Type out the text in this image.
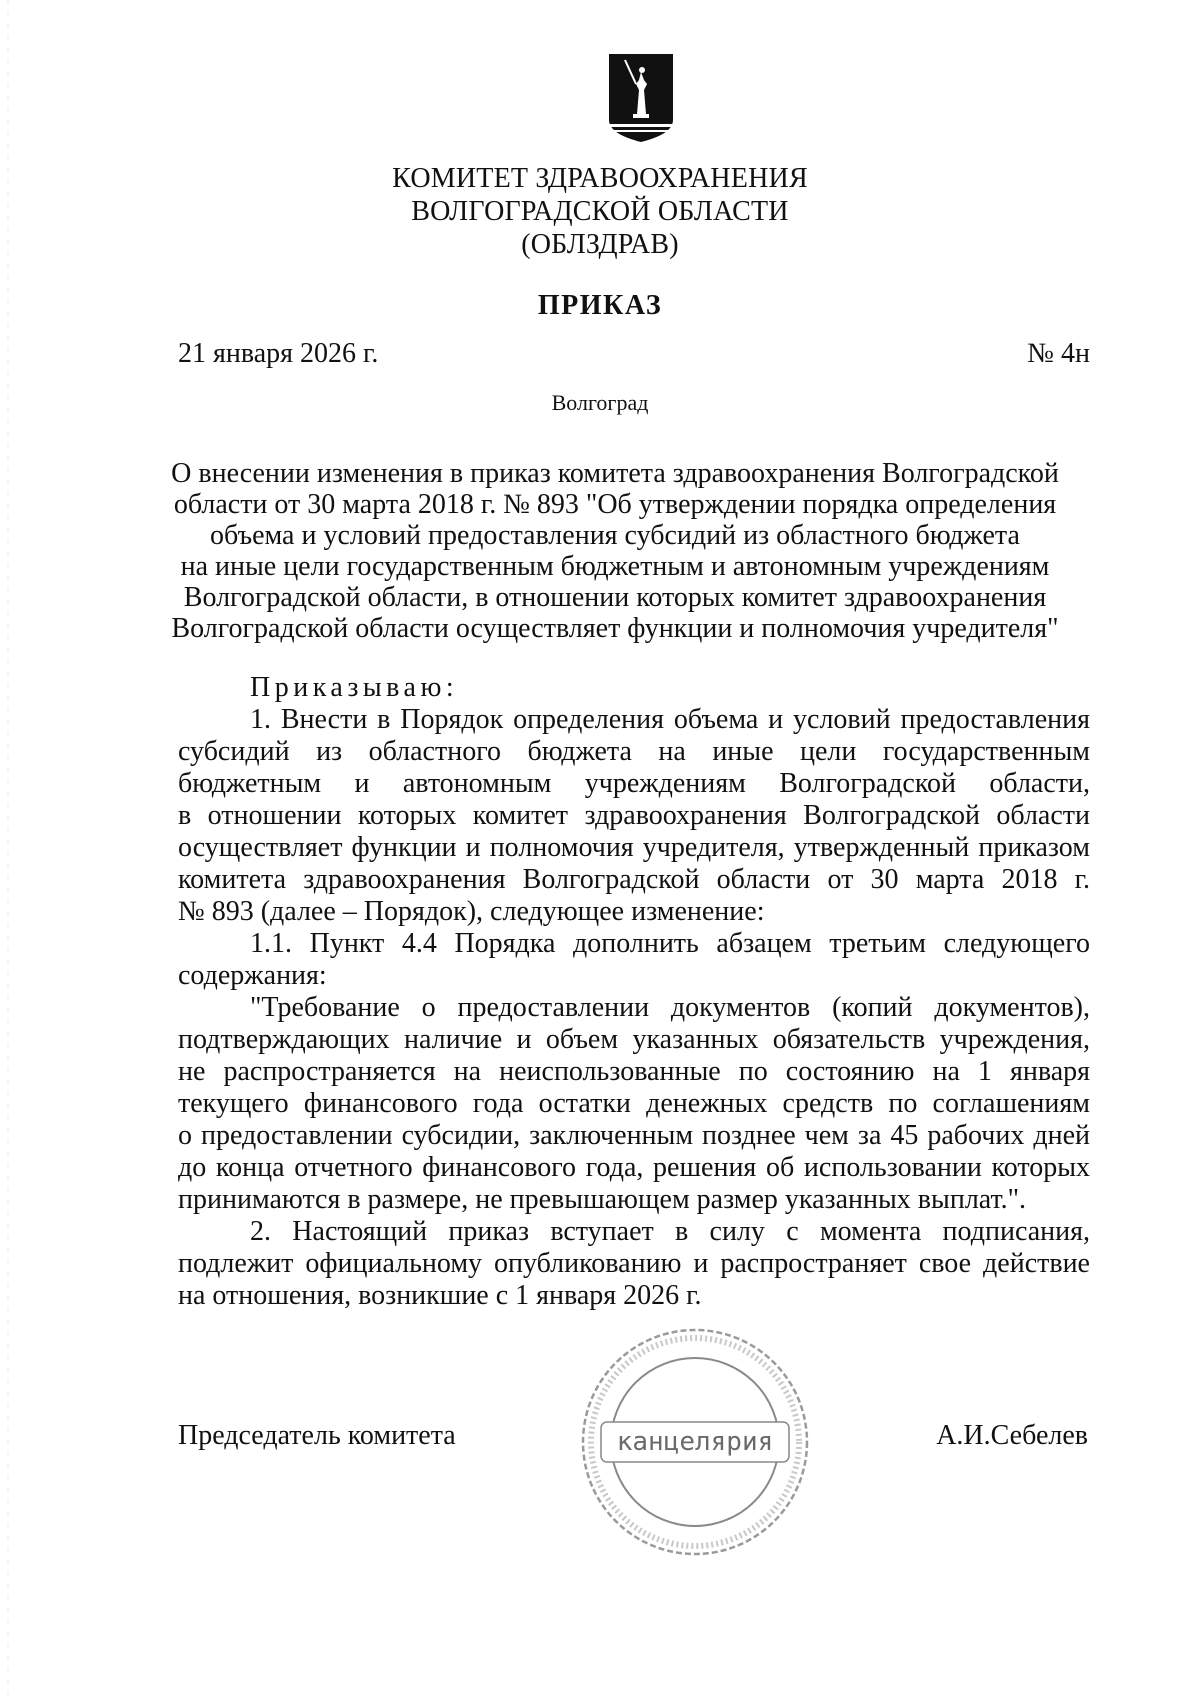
КОМИТЕТ ЗДРАВООХРАНЕНИЯ
ВОЛГОГРАДСКОЙ ОБЛАСТИ
(ОБЛЗДРАВ)
ПРИКАЗ
21 января 2026 г.	№ 4н
Волгоград
О внесении изменения в приказ комитета здравоохранения Волгоградской
области от 30 марта 2018 г. № 893 "Об утверждении порядка определения
объема и условий предоставления субсидий из областного бюджета
на иные цели государственным бюджетным и автономным учреждениям
Волгоградской области, в отношении которых комитет здравоохранения
Волгоградской области осуществляет функции и полномочия учредителя"
Приказываю:
1. Внести в Порядок определения объема и условий предоставления
субсидий из областного бюджета на иные цели государственным
бюджетным и автономным учреждениям Волгоградской области,
в отношении которых комитет здравоохранения Волгоградской области
осуществляет функции и полномочия учредителя, утвержденный приказом
комитета здравоохранения Волгоградской области от 30 марта 2018 г.
№ 893 (далее – Порядок), следующее изменение:
1.1. Пункт 4.4 Порядка дополнить абзацем третьим следующего
содержания:
"Требование о предоставлении документов (копий документов),
подтверждающих наличие и объем указанных обязательств учреждения,
не распространяется на неиспользованные по состоянию на 1 января
текущего финансового года остатки денежных средств по соглашениям
о предоставлении субсидии, заключенным позднее чем за 45 рабочих дней
до конца отчетного финансового года, решения об использовании которых
принимаются в размере, не превышающем размер указанных выплат.".
2. Настоящий приказ вступает в силу с момента подписания,
подлежит официальному опубликованию и распространяет свое действие
на отношения, возникшие с 1 января 2026 г.
канцелярия
Председатель комитета	А.И.Себелев
